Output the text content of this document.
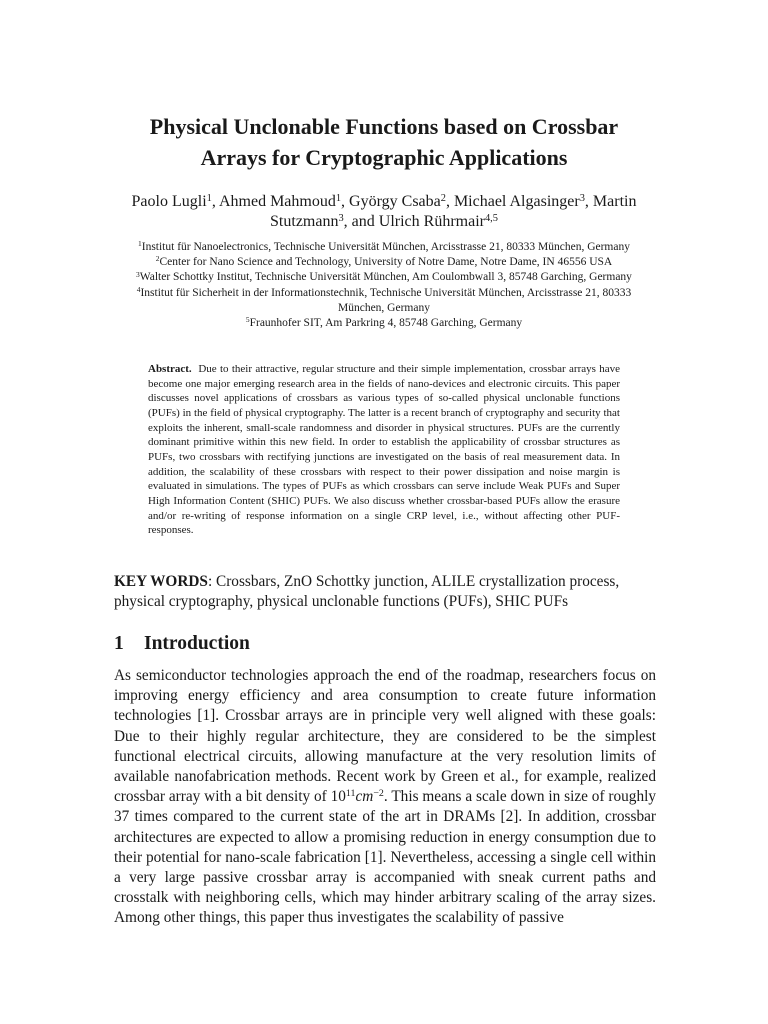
Physical Unclonable Functions based on Crossbar
Arrays for Cryptographic Applications
Paolo Lugli$^1$, Ahmed Mahmoud$^1$, György Csaba$^2$, Michael Algasinger$^3$, Martin
Stutzmann$^3$, and Ulrich Rührmair$^{4,5}$
$^1$Institut für Nanoelectronics, Technische Universität München, Arcisstrasse 21, 80333 München, Germany
$^2$Center for Nano Science and Technology, University of Notre Dame, Notre Dame, IN 46556 USA
$^3$Walter Schottky Institut, Technische Universität München, Am Coulombwall 3, 85748 Garching, Germany
$^4$Institut für Sicherheit in der Informationstechnik, Technische Universität München, Arcisstrasse 21, 80333
München, Germany
$^5$Fraunhofer SIT, Am Parkring 4, 85748 Garching, Germany
Abstract. Due to their attractive, regular structure and their simple implementation, crossbar arrays have become one major emerging research area in the fields of nano-devices and electronic circuits. This paper discusses novel applications of crossbars as various types of so-called physical unclonable functions (PUFs) in the field of physical cryptography. The latter is a recent branch of cryptography and security that exploits the inherent, small-scale randomness and disorder in physical structures. PUFs are the currently dominant primitive within this new field. In order to establish the applicability of crossbar structures as PUFs, two crossbars with rectifying junctions are investigated on the basis of real measurement data. In addition, the scalability of these crossbars with respect to their power dissipation and noise margin is evaluated in simulations. The types of PUFs as which crossbars can serve include Weak PUFs and Super High Information Content (SHIC) PUFs. We also discuss whether crossbar-based PUFs allow the erasure and/or re-writing of response information on a single CRP level, i.e., without affecting other PUF-responses.
KEY WORDS: Crossbars, ZnO Schottky junction, ALILE crystallization process, physical cryptography, physical unclonable functions (PUFs), SHIC PUFs
1 Introduction
As semiconductor technologies approach the end of the roadmap, researchers focus on improving energy efficiency and area consumption to create future information technologies [1]. Crossbar arrays are in principle very well aligned with these goals: Due to their highly regular architecture, they are considered to be the simplest functional electrical circuits, allowing manufacture at the very resolution limits of available nanofabrication methods. Recent work by Green et al., for example, realized crossbar array with a bit density of $10^{11}cm^{-2}$. This means a scale down in size of roughly 37 times compared to the current state of the art in DRAMs [2]. In addition, crossbar architectures are expected to allow a promising reduction in energy consumption due to their potential for nano-scale fabrication [1]. Nevertheless, accessing a single cell within a very large passive crossbar array is accompanied with sneak current paths and crosstalk with neighboring cells, which may hinder arbitrary scaling of the array sizes. Among other things, this paper thus investigates the scalability of passive
